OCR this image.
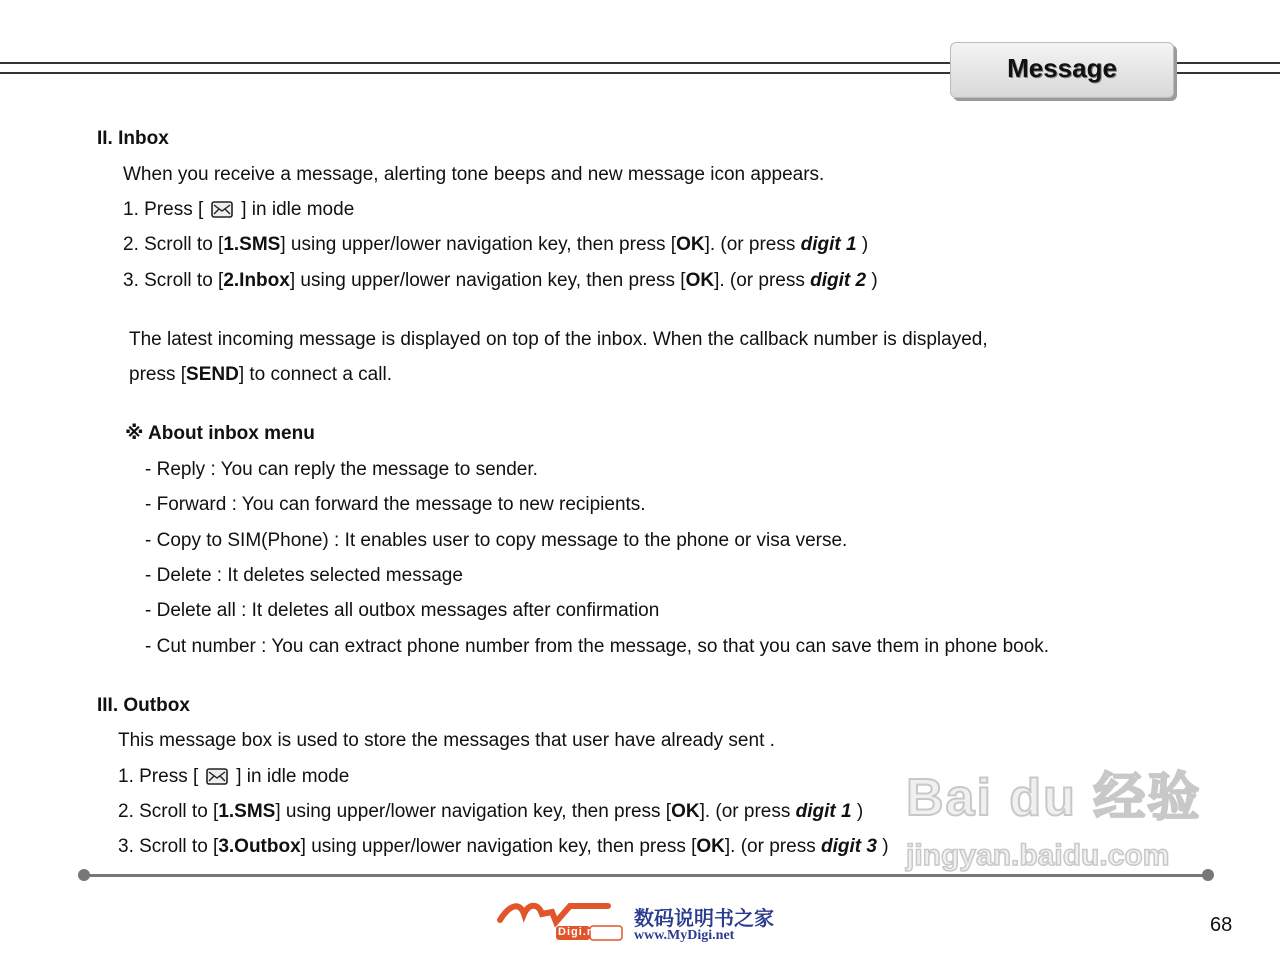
Message
II. Inbox
When you receive a message, alerting tone beeps and new message icon appears.
1. Press [ ] in idle mode
2. Scroll to [1.SMS] using upper/lower navigation key, then press [OK]. (or press digit 1 )
3. Scroll to [2.Inbox] using upper/lower navigation key, then press [OK]. (or press digit 2 )
The latest incoming message is displayed on top of the inbox. When the callback number is displayed,
press [SEND] to connect a call.
※ About inbox menu
- Reply : You can reply the message to sender.
- Forward : You can forward the message to new recipients.
- Copy to SIM(Phone) : It enables user to copy message to the phone or visa verse.
- Delete : It deletes selected message
- Delete all : It deletes all outbox messages after confirmation
- Cut number : You can extract phone number from the message, so that you can save them in phone book.
III. Outbox
This message box is used to store the messages that user have already sent .
1. Press [ ] in idle mode
2. Scroll to [1.SMS] using upper/lower navigation key, then press [OK]. (or press digit 1 )
3. Scroll to [3.Outbox] using upper/lower navigation key, then press [OK]. (or press digit 3 )
Bai du 经验
jingyan.baidu.com
Digi.net
数码说明书之家
www.MyDigi.net	68
